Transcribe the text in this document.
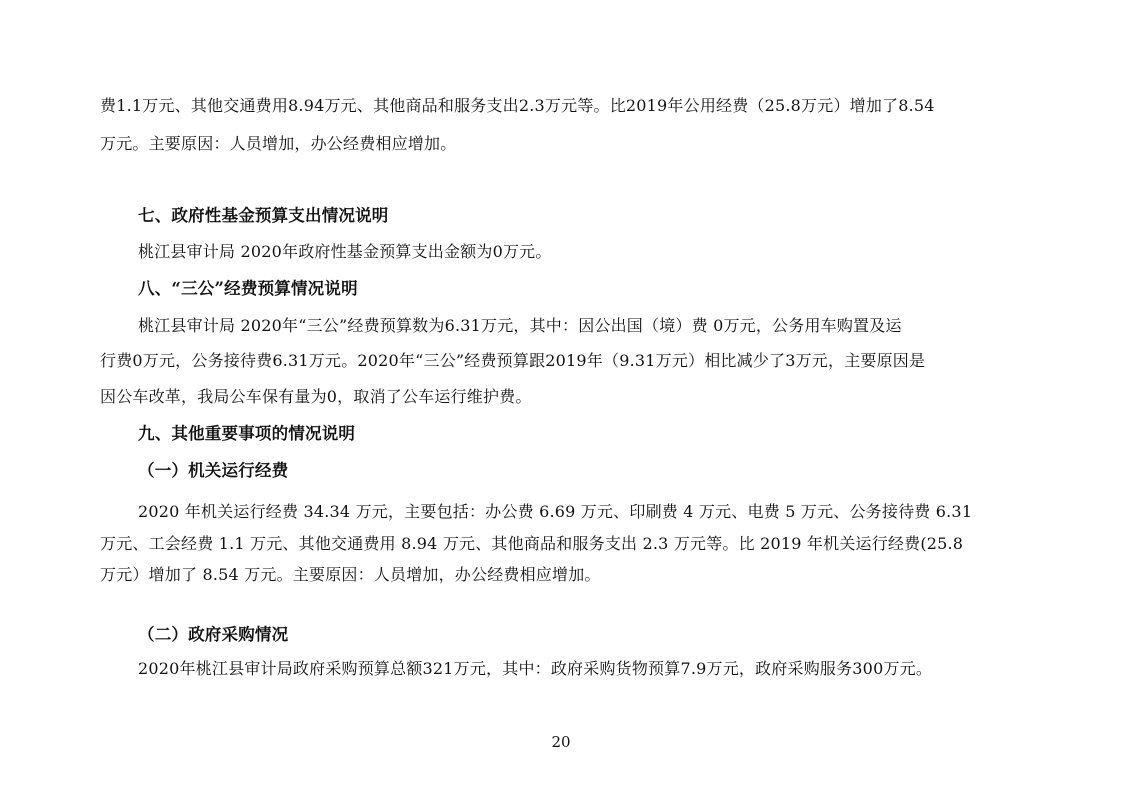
费1.1万元、其他交通费用8.94万元、其他商品和服务支出2.3万元等。比2019年公用经费（25.8万元）增加了8.54
万元。主要原因：人员增加，办公经费相应增加。
七、政府性基金预算支出情况说明
桃江县审计局 2020年政府性基金预算支出金额为0万元。
八、“三公”经费预算情况说明
桃江县审计局 2020年“三公”经费预算数为6.31万元，其中：因公出国（境）费 0万元，公务用车购置及运
行费0万元，公务接待费6.31万元。2020年“三公”经费预算跟2019年（9.31万元）相比减少了3万元，主要原因是
因公车改革，我局公车保有量为0，取消了公车运行维护费。
九、其他重要事项的情况说明
（一）机关运行经费
2020 年机关运行经费 34.34 万元，主要包括：办公费 6.69 万元、印刷费 4 万元、电费 5 万元、公务接待费 6.31
万元、工会经费 1.1 万元、其他交通费用 8.94 万元、其他商品和服务支出 2.3 万元等。比 2019 年机关运行经费(25.8
万元）增加了 8.54 万元。主要原因：人员增加，办公经费相应增加。
（二）政府采购情况
2020年桃江县审计局政府采购预算总额321万元，其中：政府采购货物预算7.9万元，政府采购服务300万元。
20
